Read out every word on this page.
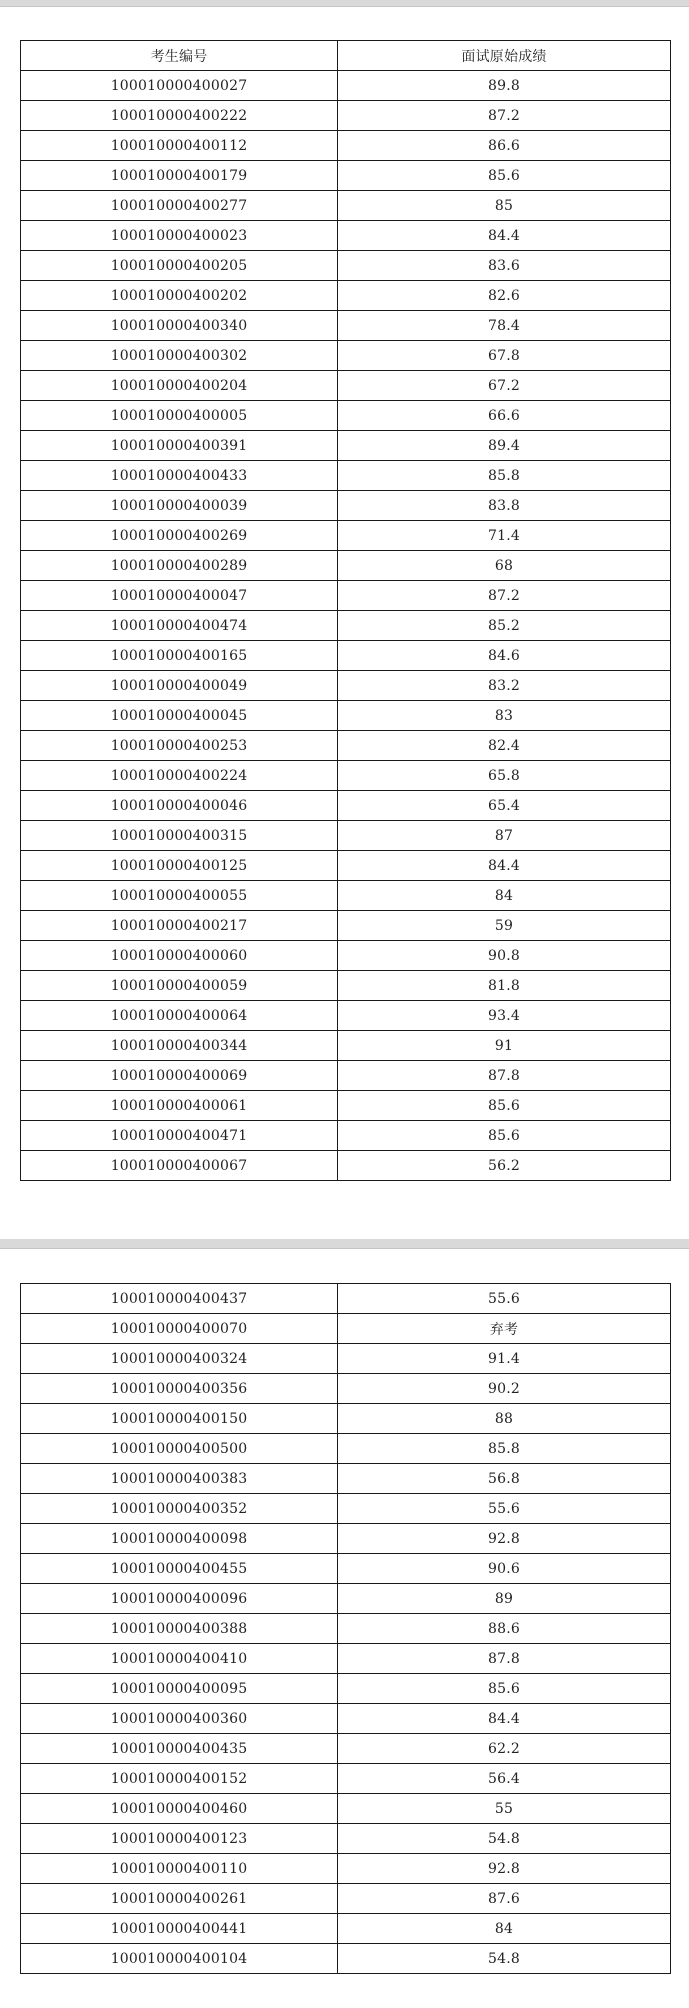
考生编号	面试原始成绩
100010000400027	89.8
100010000400222	87.2
100010000400112	86.6
100010000400179	85.6
100010000400277	85
100010000400023	84.4
100010000400205	83.6
100010000400202	82.6
100010000400340	78.4
100010000400302	67.8
100010000400204	67.2
100010000400005	66.6
100010000400391	89.4
100010000400433	85.8
100010000400039	83.8
100010000400269	71.4
100010000400289	68
100010000400047	87.2
100010000400474	85.2
100010000400165	84.6
100010000400049	83.2
100010000400045	83
100010000400253	82.4
100010000400224	65.8
100010000400046	65.4
100010000400315	87
100010000400125	84.4
100010000400055	84
100010000400217	59
100010000400060	90.8
100010000400059	81.8
100010000400064	93.4
100010000400344	91
100010000400069	87.8
100010000400061	85.6
100010000400471	85.6
100010000400067	56.2
100010000400437	55.6
100010000400070	弃考
100010000400324	91.4
100010000400356	90.2
100010000400150	88
100010000400500	85.8
100010000400383	56.8
100010000400352	55.6
100010000400098	92.8
100010000400455	90.6
100010000400096	89
100010000400388	88.6
100010000400410	87.8
100010000400095	85.6
100010000400360	84.4
100010000400435	62.2
100010000400152	56.4
100010000400460	55
100010000400123	54.8
100010000400110	92.8
100010000400261	87.6
100010000400441	84
100010000400104	54.8
